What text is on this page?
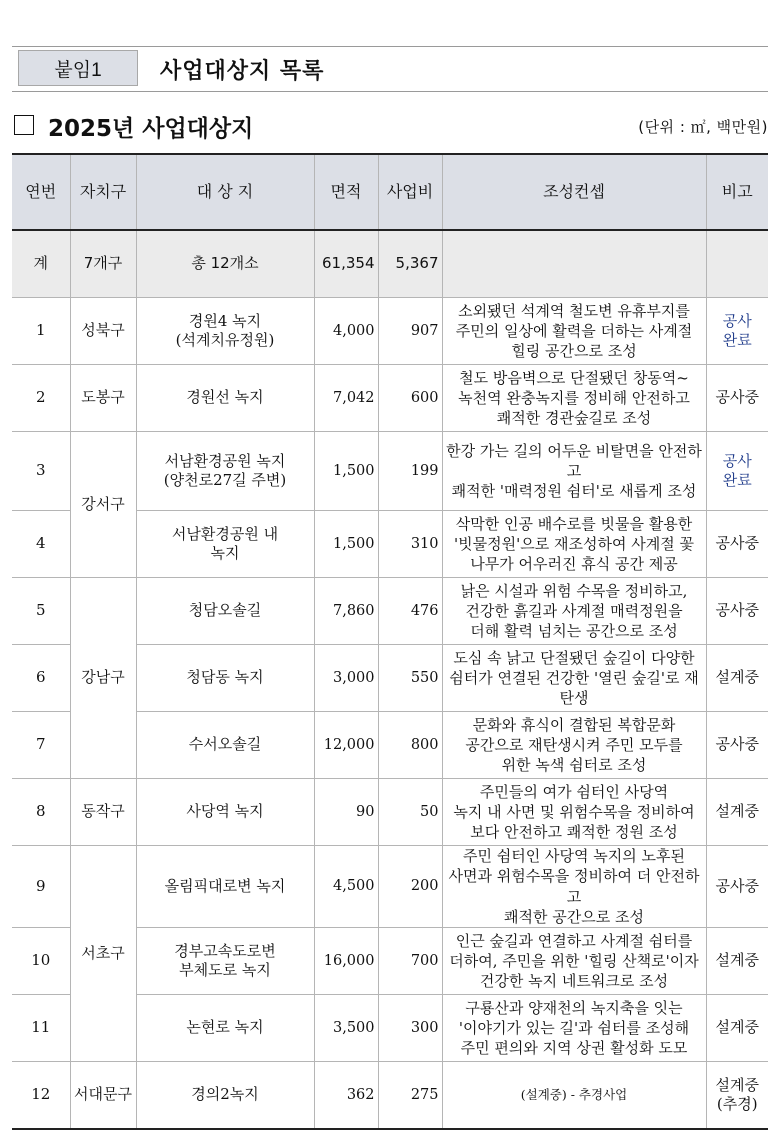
붙임1	사업대상지 목록
2025년 사업대상지	(단위 : ㎡, 백만원)
연번	자치구	대 상 지	면적	사업비	조성컨셉	비고
계	7개구	총 12개소	61,354	5,367		
1	성북구	경원4 녹지
(석계치유정원)	4,000	907	소외됐던 석계역 철도변 유휴부지를
주민의 일상에 활력을 더하는 사계절
힐링 공간으로 조성	공사
완료
2	도봉구	경원선 녹지	7,042	600	철도 방음벽으로 단절됐던 창동역~
녹천역 완충녹지를 정비해 안전하고
쾌적한 경관숲길로 조성	공사중
3	강서구	서남환경공원 녹지
(양천로27길 주변)	1,500	199	한강 가는 길의 어두운 비탈면을 안전하고
쾌적한 '매력정원 쉼터'로 새롭게 조성	공사
완료
4		서남환경공원 내
녹지	1,500	310	삭막한 인공 배수로를 빗물을 활용한
'빗물정원'으로 재조성하여 사계절 꽃
나무가 어우러진 휴식 공간 제공	공사중
5	강남구	청담오솔길	7,860	476	낡은 시설과 위험 수목을 정비하고,
건강한 흙길과 사계절 매력정원을
더해 활력 넘치는 공간으로 조성	공사중
6		청담동 녹지	3,000	550	도심 속 낡고 단절됐던 숲길이 다양한
쉼터가 연결된 건강한 '열린 숲길'로 재탄생	설계중
7		수서오솔길	12,000	800	문화와 휴식이 결합된 복합문화
공간으로 재탄생시켜 주민 모두를
위한 녹색 쉼터로 조성	공사중
8	동작구	사당역 녹지	90	50	주민들의 여가 쉼터인 사당역
녹지 내 사면 및 위험수목을 정비하여
보다 안전하고 쾌적한 정원 조성	설계중
9	서초구	올림픽대로변 녹지	4,500	200	주민 쉼터인 사당역 녹지의 노후된
사면과 위험수목을 정비하여 더 안전하고
쾌적한 공간으로 조성	공사중
10		경부고속도로변
부체도로 녹지	16,000	700	인근 숲길과 연결하고 사계절 쉼터를
더하여, 주민을 위한 '힐링 산책로'이자
건강한 녹지 네트워크로 조성	설계중
11		논현로 녹지	3,500	300	구룡산과 양재천의 녹지축을 잇는
'이야기가 있는 길'과 쉼터를 조성해
주민 편의와 지역 상권 활성화 도모	설계중
12	서대문구	경의2녹지	362	275	(설계중) - 추경사업	설계중
(추경)
